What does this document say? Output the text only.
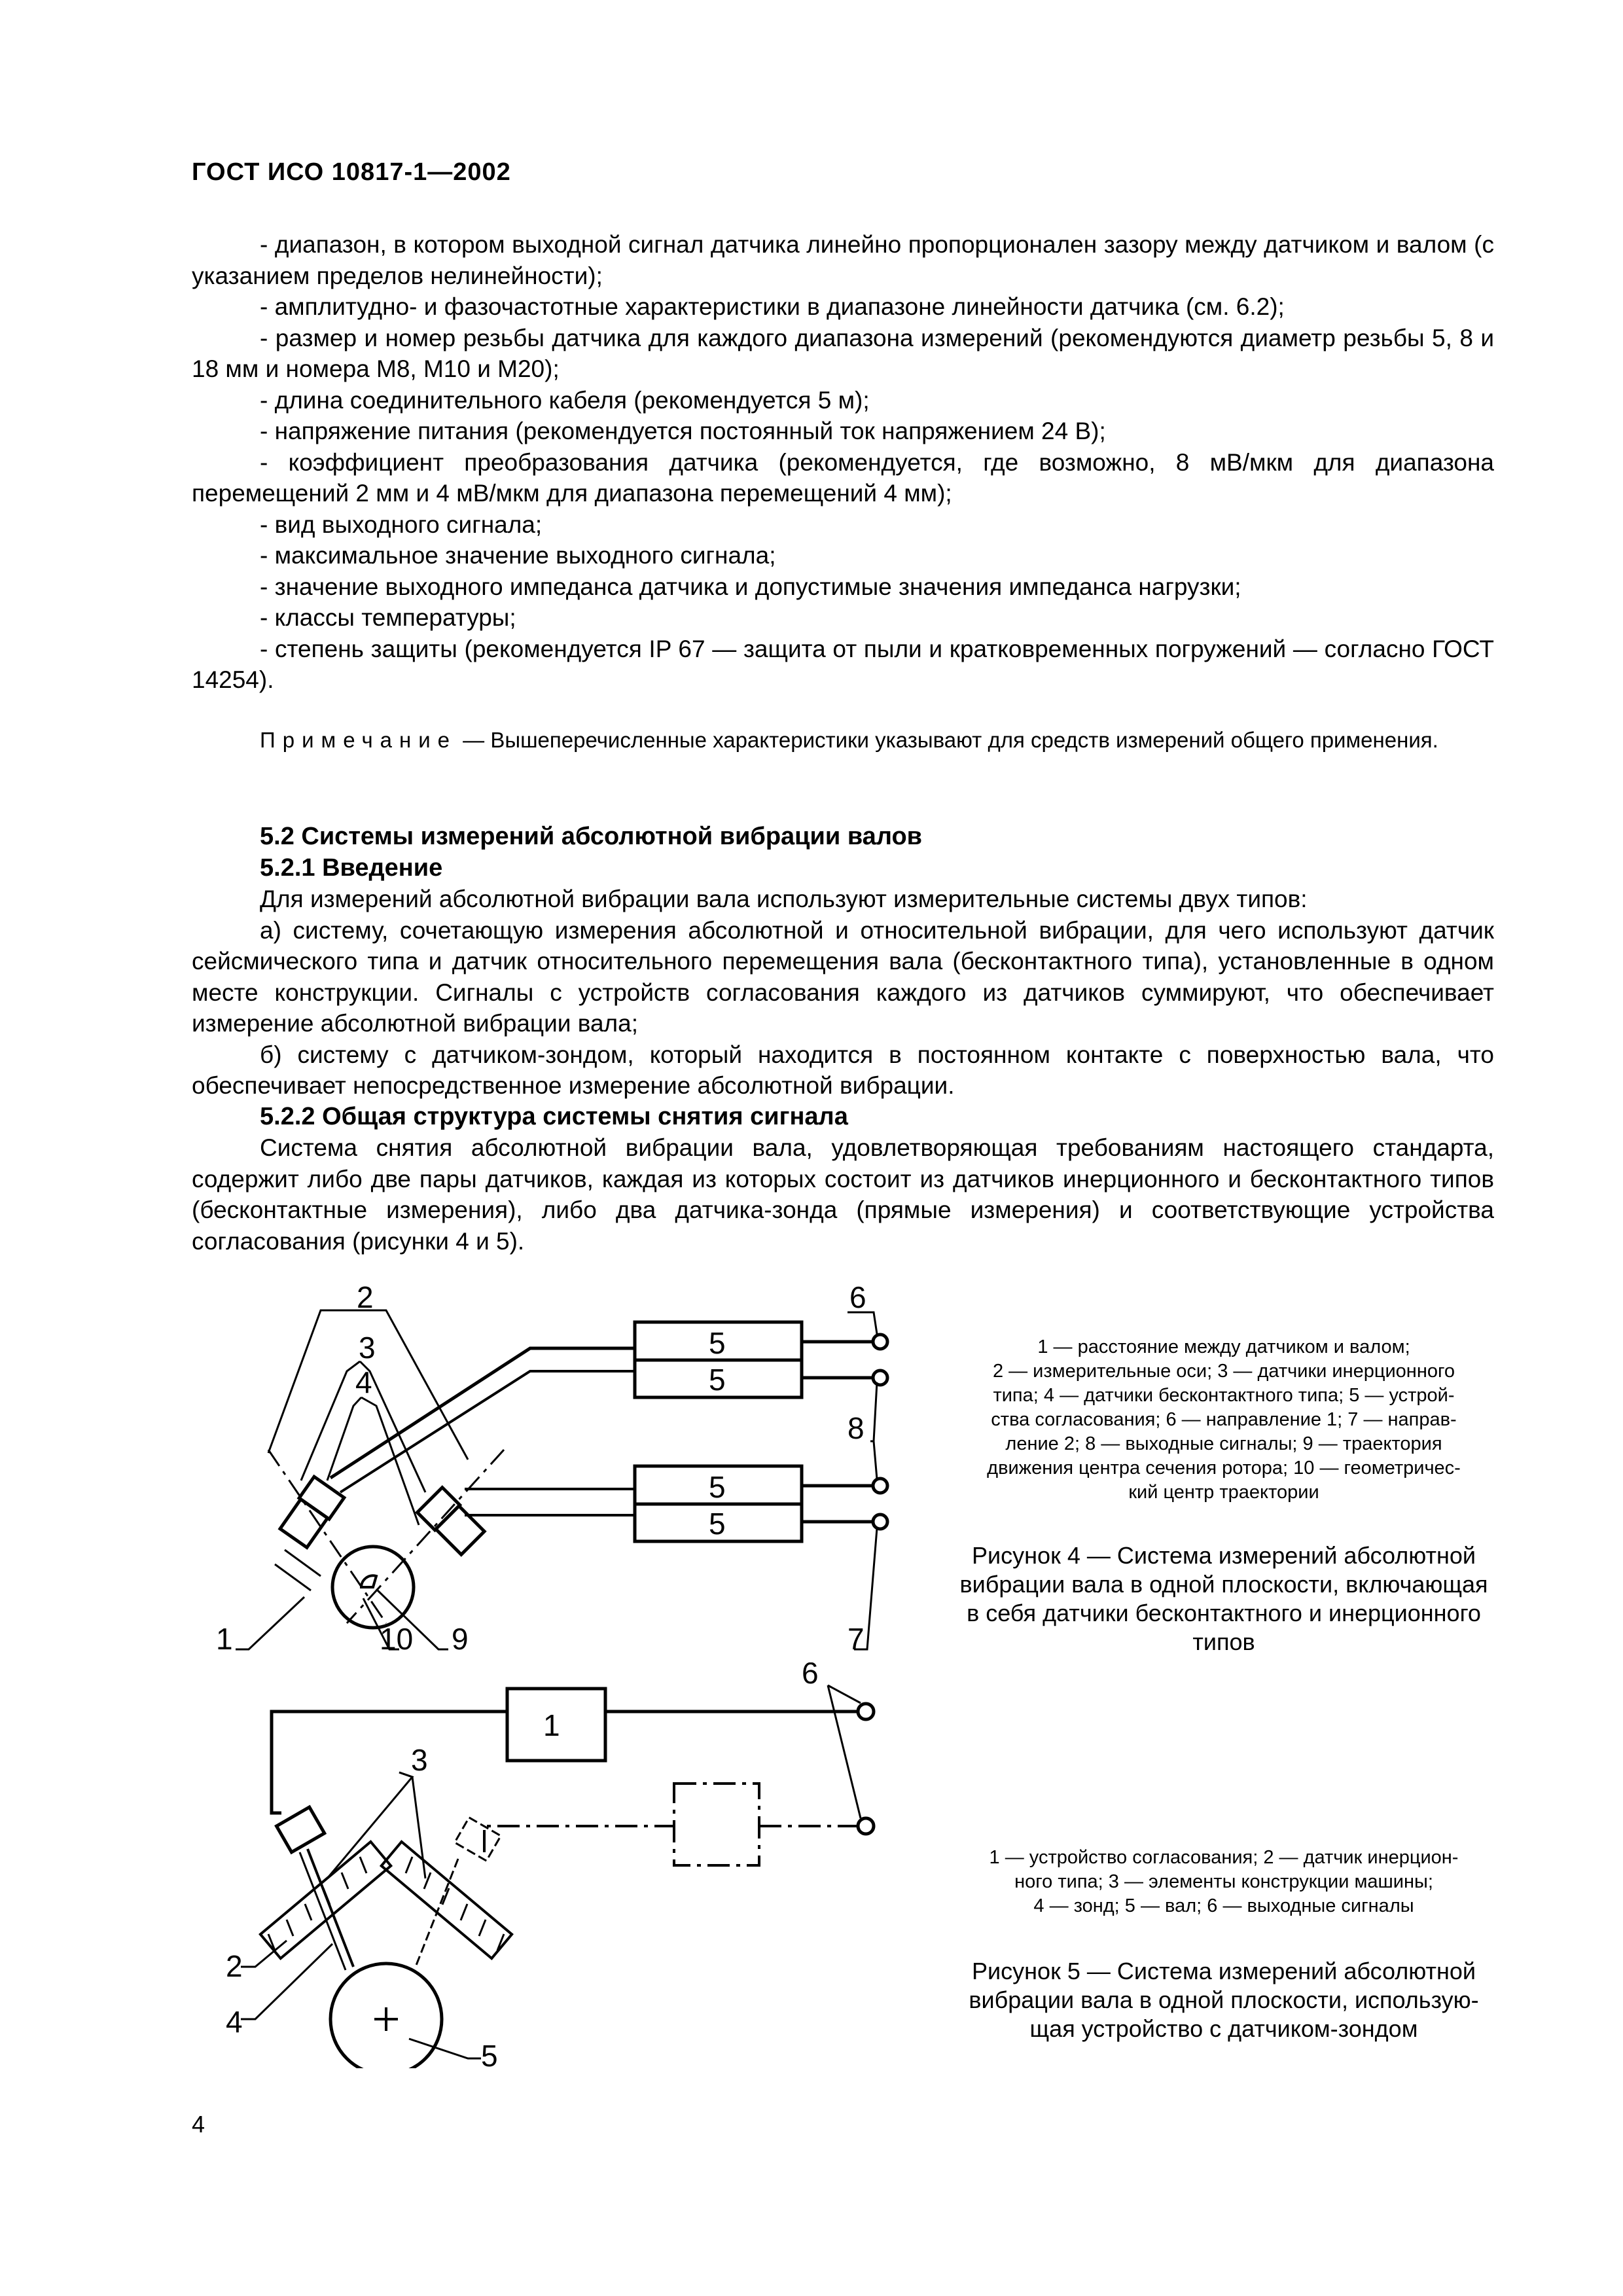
ГОСТ ИСО 10817-1—2002

- диапазон, в котором выходной сигнал датчика линейно пропорционален зазору между датчиком и валом (с указанием пределов нелинейности);

- амплитудно- и фазочастотные характеристики в диапазоне линейности датчика (см. 6.2);

- размер и номер резьбы датчика для каждого диапазона измерений (рекомендуются диаметр резьбы 5, 8 и 18 мм и номера М8, М10 и М20);

- длина соединительного кабеля (рекомендуется 5 м);

- напряжение питания (рекомендуется постоянный ток напряжением 24 В);

- коэффициент преобразования датчика (рекомендуется, где возможно, 8 мВ/мкм для диапазона перемещений 2 мм и 4 мВ/мкм для диапазона перемещений 4 мм);

- вид выходного сигнала;

- максимальное значение выходного сигнала;

- значение выходного импеданса датчика и допустимые значения импеданса нагрузки;

- классы температуры;

- степень защиты (рекомендуется IP 67 — защита от пыли и кратковременных погружений — согласно ГОСТ 14254).

Примечание — Вышеперечисленные характеристики указывают для средств измерений общего применения.
5.2 Системы измерений абсолютной вибрации валов
5.2.1 Введение

Для измерений абсолютной вибрации вала используют измерительные системы двух типов:

а) систему, сочетающую измерения абсолютной и относительной вибрации, для чего используют датчик сейсмического типа и датчик относительного перемещения вала (бесконтактного типа), установленные в одном месте конструкции. Сигналы с устройств согласования каждого из датчиков суммируют, что обеспечивает измерение абсолютной вибрации вала;

б) систему с датчиком-зондом, который находится в постоянном контакте с поверхностью вала, что обеспечивает непосредственное измерение абсолютной вибрации.

5.2.2 Общая структура системы снятия сигнала

Система снятия абсолютной вибрации вала, удовлетворяющая требованиям настоящего стандарта, содержит либо две пары датчиков, каждая из которых состоит из датчиков инерционного и бесконтактного типов (бесконтактные измерения), либо два датчика-зонда (прямые измерения) и соответствующие устройства согласования (рисунки 4 и 5).

2
3
4
5
5
5
5
6
8
7
1	10 9
1 — расстояние между датчиком и валом;
2 — измерительные оси; 3 — датчики инерционного
типа; 4 — датчики бесконтактного типа; 5 — устрой-
ства согласования; 6 — направление 1; 7 — направ-
ление 2; 8 — выходные сигналы; 9 — траектория
движения центра сечения ротора; 10 — геометричес-
кий центр траектории
Рисунок 4 — Система измерений абсолютной
вибрации вала в одной плоскости, включающая
в себя датчики бесконтактного и инерционного
типов
1
6
3
2
4
5
1 — устройство согласования; 2 — датчик инерцион-
ного типа; 3 — элементы конструкции машины;
4 — зонд; 5 — вал; 6 — выходные сигналы
Рисунок 5 — Система измерений абсолютной
вибрации вала в одной плоскости, использую-
щая устройство с датчиком-зондом
4
